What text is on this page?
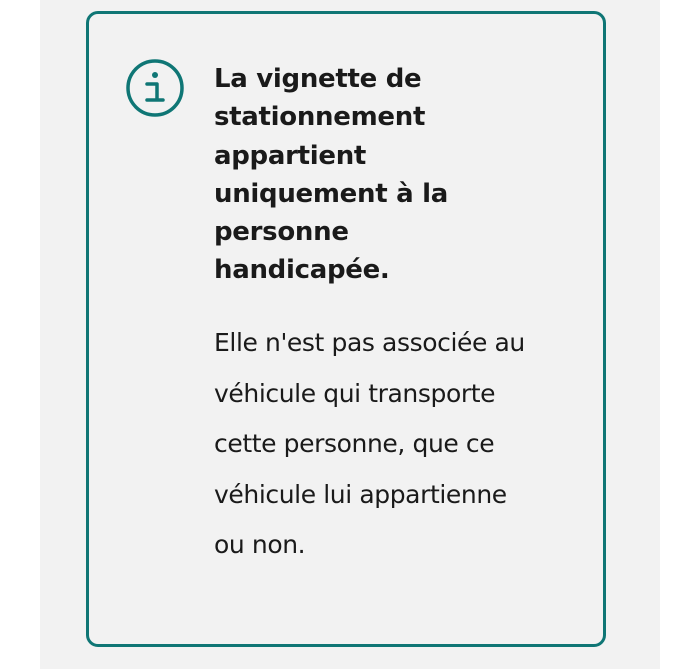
La vignette de stationnement appartient uniquement à la personne handicapée.

Elle n'est pas associée au véhicule qui transporte cette personne, que ce véhicule lui appartienne ou non.
